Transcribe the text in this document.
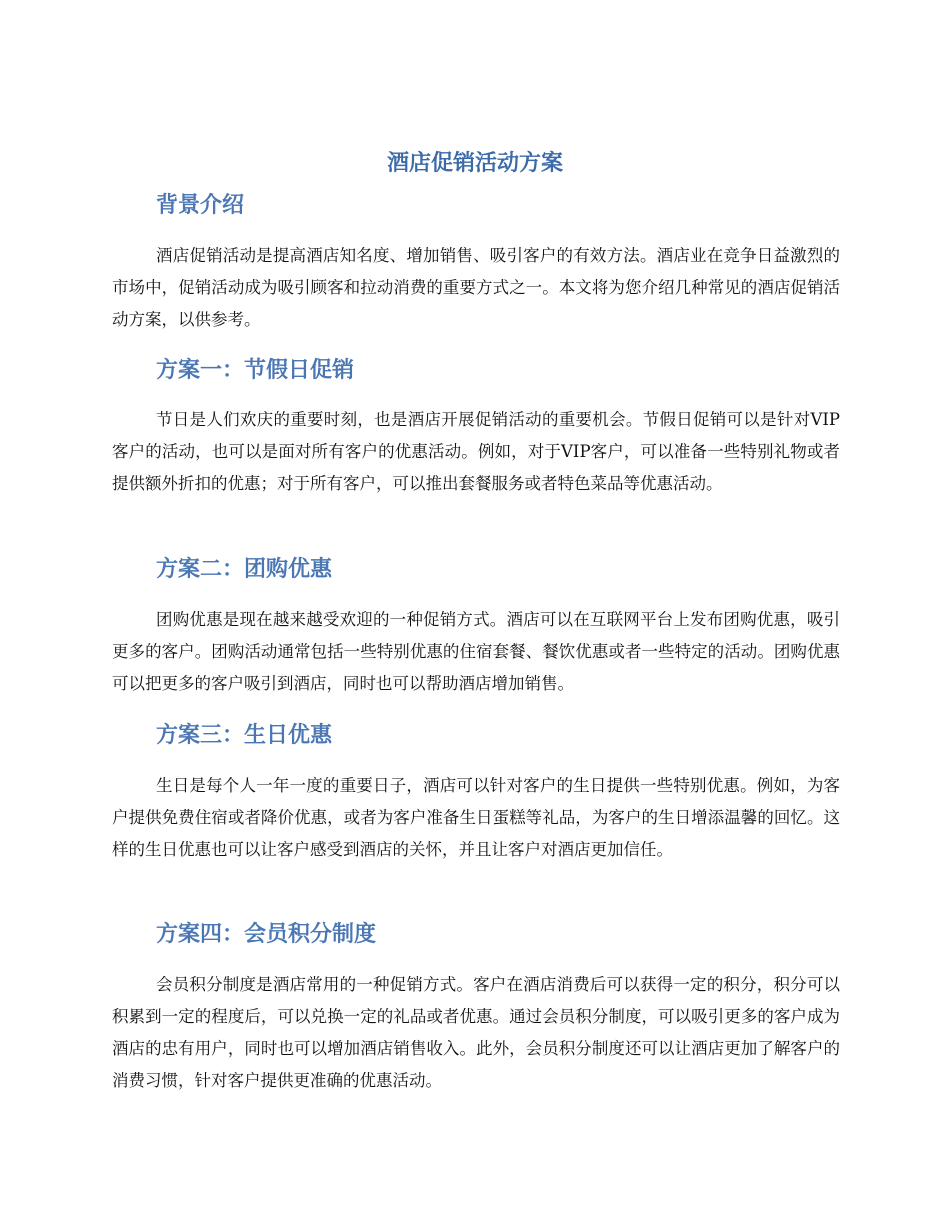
酒店促销活动方案
背景介绍

酒店促销活动是提高酒店知名度、增加销售、吸引客户的有效方法。酒店业在竞争日益激烈的市场中，促销活动成为吸引顾客和拉动消费的重要方式之一。本文将为您介绍几种常见的酒店促销活动方案，以供参考。

方案一：节假日促销

节日是人们欢庆的重要时刻，也是酒店开展促销活动的重要机会。节假日促销可以是针对VIP客户的活动，也可以是面对所有客户的优惠活动。例如，对于VIP客户，可以准备一些特别礼物或者提供额外折扣的优惠；对于所有客户，可以推出套餐服务或者特色菜品等优惠活动。

方案二：团购优惠

团购优惠是现在越来越受欢迎的一种促销方式。酒店可以在互联网平台上发布团购优惠，吸引更多的客户。团购活动通常包括一些特别优惠的住宿套餐、餐饮优惠或者一些特定的活动。团购优惠可以把更多的客户吸引到酒店，同时也可以帮助酒店增加销售。

方案三：生日优惠

生日是每个人一年一度的重要日子，酒店可以针对客户的生日提供一些特别优惠。例如，为客户提供免费住宿或者降价优惠，或者为客户准备生日蛋糕等礼品，为客户的生日增添温馨的回忆。这样的生日优惠也可以让客户感受到酒店的关怀，并且让客户对酒店更加信任。

方案四：会员积分制度

会员积分制度是酒店常用的一种促销方式。客户在酒店消费后可以获得一定的积分，积分可以积累到一定的程度后，可以兑换一定的礼品或者优惠。通过会员积分制度，可以吸引更多的客户成为酒店的忠有用户，同时也可以增加酒店销售收入。此外，会员积分制度还可以让酒店更加了解客户的消费习惯，针对客户提供更准确的优惠活动。
